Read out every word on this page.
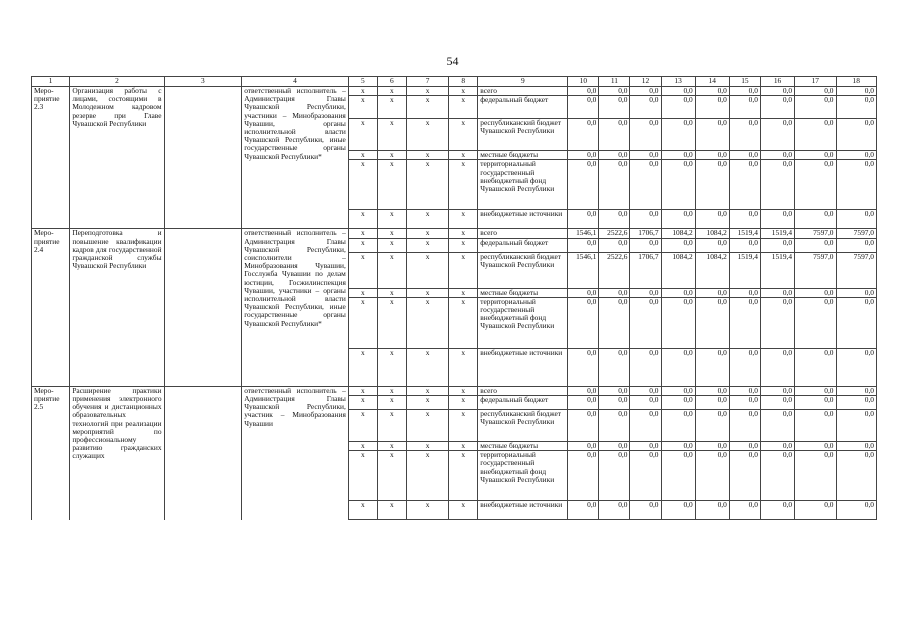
54
1	2	3	4	5	6	7	8	9	10	11	12	13	14	15	16	17	18
Меро-приятие 2.3	Организация работы с лицами, состоящими в Молодежном кадровом резерве при Главе Чувашской Республики		ответственный исполнитель – Администрация Главы Чувашской Республики, участники – Минобразования Чувашии, органы исполнительной власти Чувашской Республики, иные государственные органы Чувашской Республики*	x	x	x	x	всего	0,0	0,0	0,0	0,0	0,0	0,0	0,0	0,0	0,0
				x	x	x	x	федеральный бюджет	0,0	0,0	0,0	0,0	0,0	0,0	0,0	0,0	0,0
				x	x	x	x	республиканский бюджет Чувашской Республики	0,0	0,0	0,0	0,0	0,0	0,0	0,0	0,0	0,0
				x	x	x	x	местные бюджеты	0,0	0,0	0,0	0,0	0,0	0,0	0,0	0,0	0,0
				x	x	x	x	территориальный государственный внебюджетный фонд Чувашской Республики	0,0	0,0	0,0	0,0	0,0	0,0	0,0	0,0	0,0
				x	x	x	x	внебюджетные источники	0,0	0,0	0,0	0,0	0,0	0,0	0,0	0,0	0,0
Меро-приятие 2.4	Переподготовка и повышение квалификации кадров для государственной гражданской службы Чувашской Республики		ответственный исполнитель – Администрация Главы Чувашской Республики, соисполнители – Минобразования Чувашии, Госслужба Чувашии по делам юстиции, Госжилинспекция Чувашии, участники – органы исполнительной власти Чувашской Республики, иные государственные органы Чувашской Республики*	x	x	x	x	всего	1546,1	2522,6	1706,7	1084,2	1084,2	1519,4	1519,4	7597,0	7597,0
				x	x	x	x	федеральный бюджет	0,0	0,0	0,0	0,0	0,0	0,0	0,0	0,0	0,0
				x	x	x	x	республиканский бюджет Чувашской Республики	1546,1	2522,6	1706,7	1084,2	1084,2	1519,4	1519,4	7597,0	7597,0
				x	x	x	x	местные бюджеты	0,0	0,0	0,0	0,0	0,0	0,0	0,0	0,0	0,0
				x	x	x	x	территориальный государственный внебюджетный фонд Чувашской Республики	0,0	0,0	0,0	0,0	0,0	0,0	0,0	0,0	0,0
				x	x	x	x	внебюджетные источники	0,0	0,0	0,0	0,0	0,0	0,0	0,0	0,0	0,0
Меро-приятие 2.5	Расширение практики применения электронного обучения и дистанционных образовательных технологий при реализации мероприятий по профессиональному развитию гражданских служащих		ответственный исполнитель – Администрация Главы Чувашской Республики, участник – Минобразования Чувашии	x	x	x	x	всего	0,0	0,0	0,0	0,0	0,0	0,0	0,0	0,0	0,0
				x	x	x	x	федеральный бюджет	0,0	0,0	0,0	0,0	0,0	0,0	0,0	0,0	0,0
				x	x	x	x	республиканский бюджет Чувашской Республики	0,0	0,0	0,0	0,0	0,0	0,0	0,0	0,0	0,0
				x	x	x	x	местные бюджеты	0,0	0,0	0,0	0,0	0,0	0,0	0,0	0,0	0,0
				x	x	x	x	территориальный государственный внебюджетный фонд Чувашской Республики	0,0	0,0	0,0	0,0	0,0	0,0	0,0	0,0	0,0
				x	x	x	x	внебюджетные источники	0,0	0,0	0,0	0,0	0,0	0,0	0,0	0,0	0,0
